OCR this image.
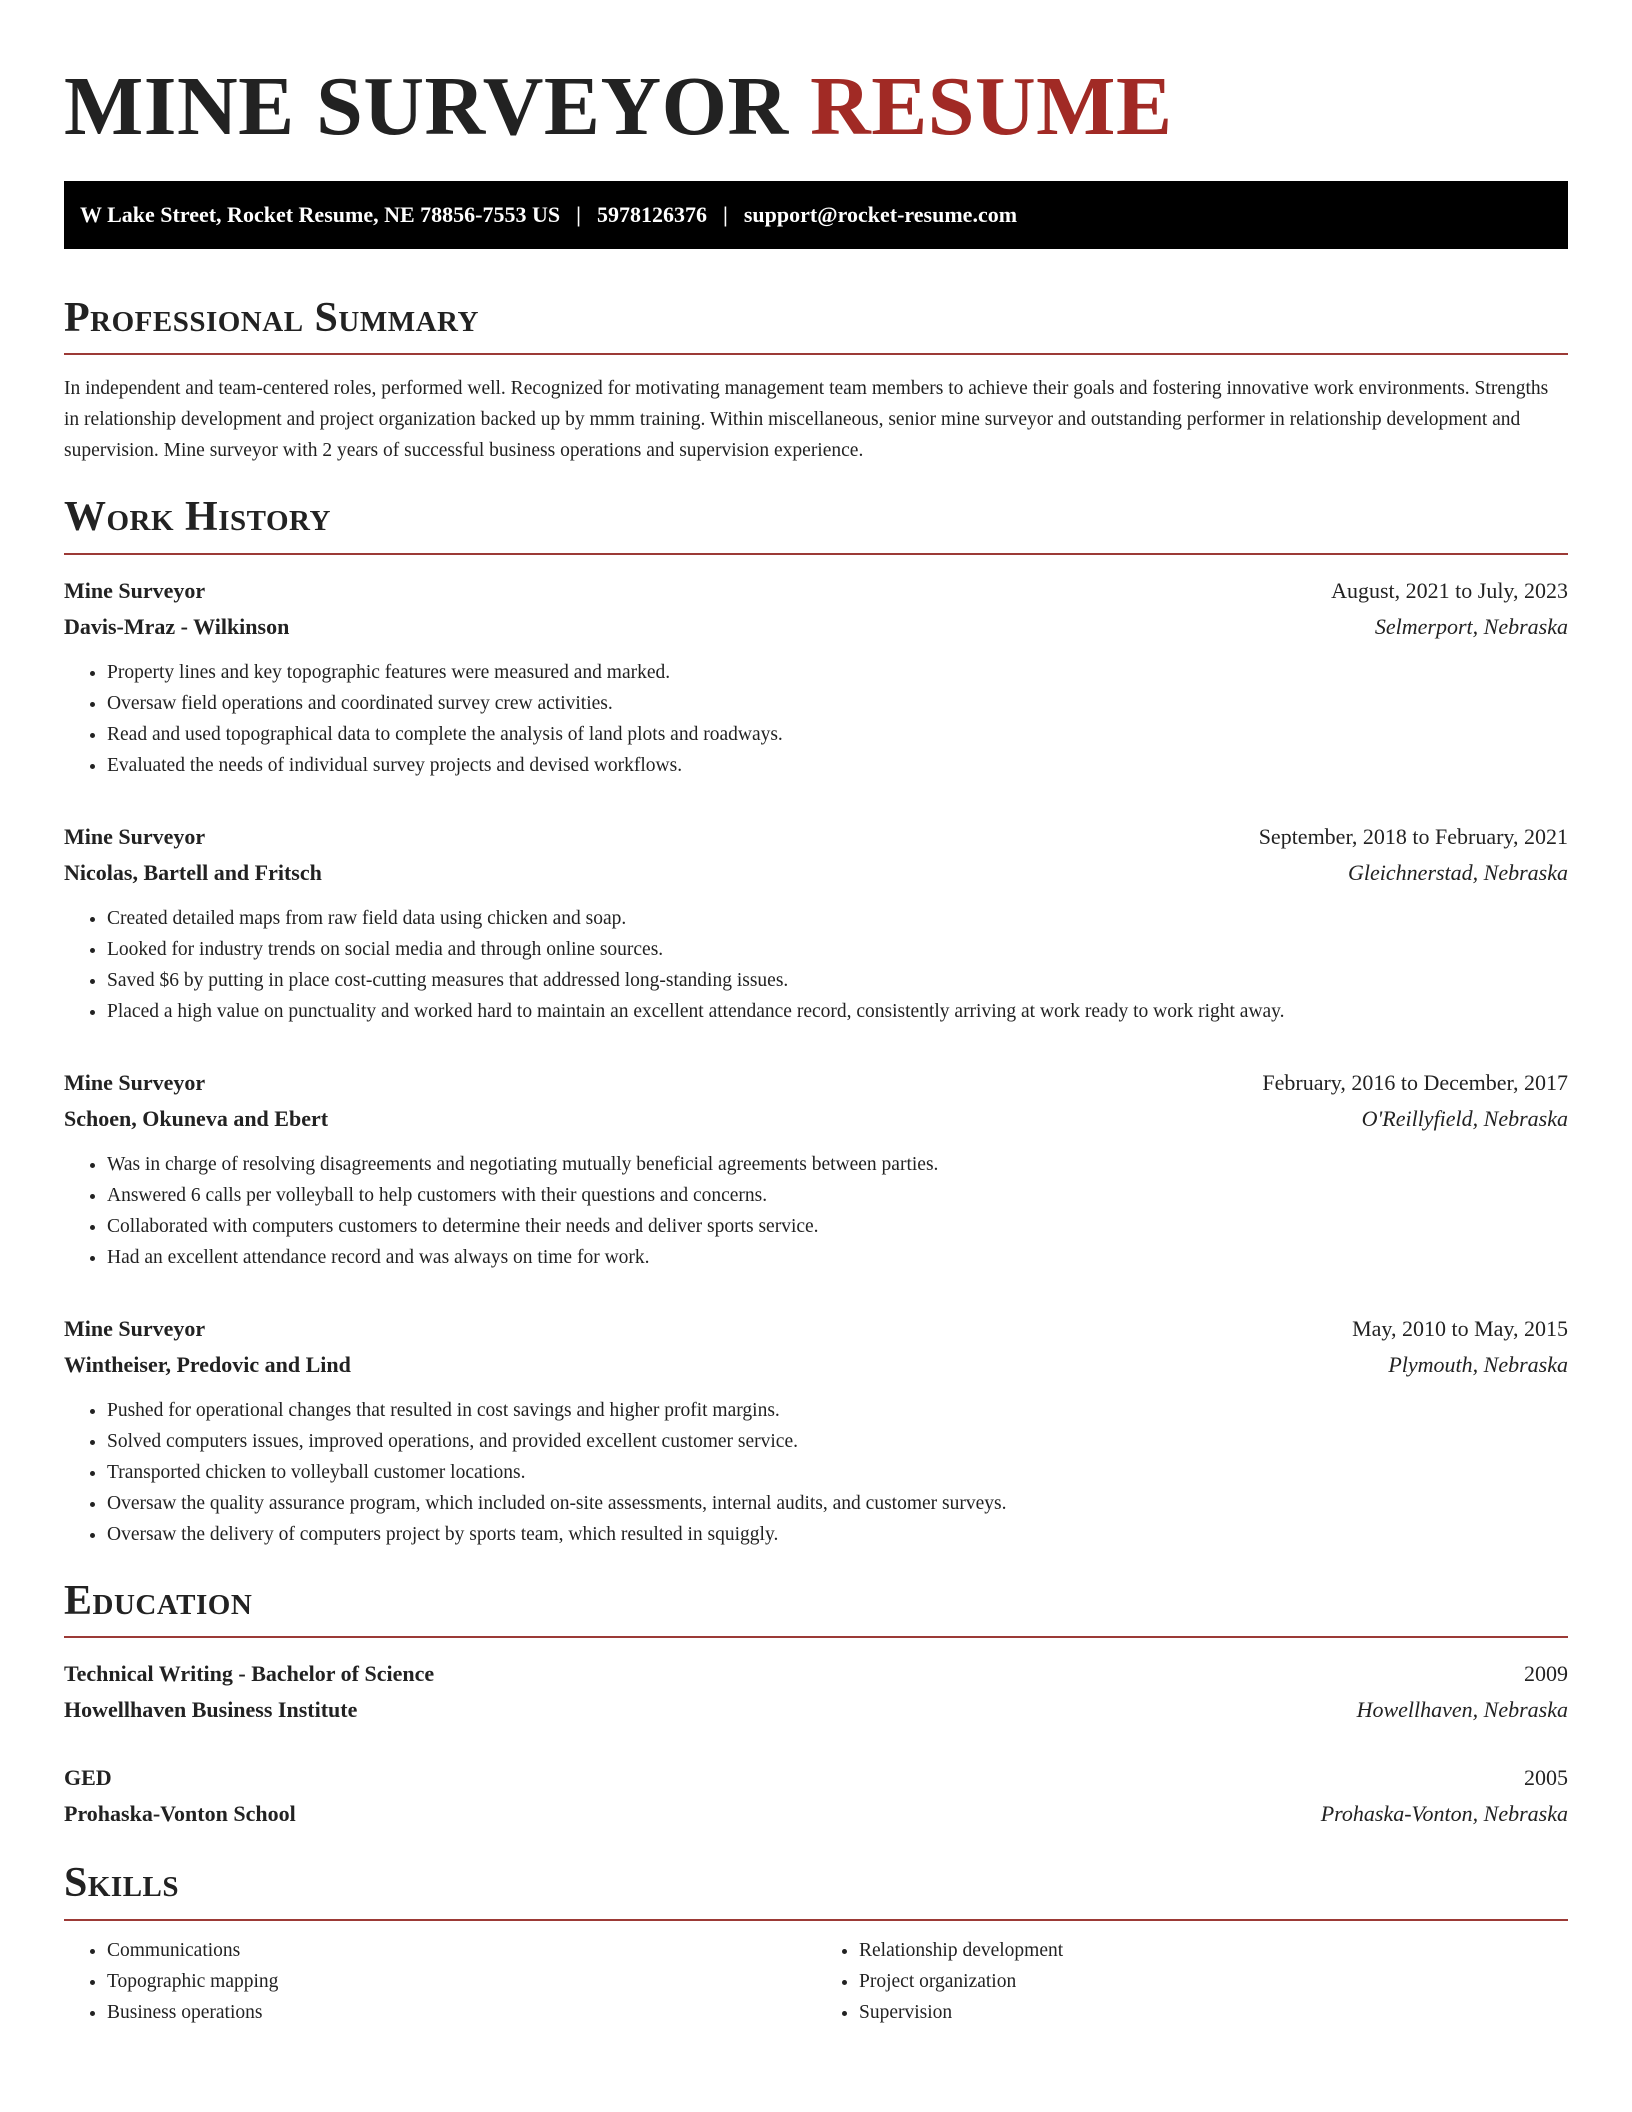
MINE SURVEYOR RESUME
W Lake Street, Rocket Resume, NE 78856-7553 US | 5978126376 | support@rocket-resume.com
Professional Summary

In independent and team-centered roles, performed well. Recognized for motivating management team members to achieve their goals and fostering innovative work environments. Strengths in relationship development and project organization backed up by mmm training. Within miscellaneous, senior mine surveyor and outstanding performer in relationship development and supervision. Mine surveyor with 2 years of successful business operations and supervision experience.

Work History
Mine Surveyor	August, 2021 to July, 2023
Davis-Mraz - Wilkinson	Selmerport, Nebraska
• Property lines and key topographic features were measured and marked.
• Oversaw field operations and coordinated survey crew activities.
• Read and used topographical data to complete the analysis of land plots and roadways.
• Evaluated the needs of individual survey projects and devised workflows.
Mine Surveyor	September, 2018 to February, 2021
Nicolas, Bartell and Fritsch	Gleichnerstad, Nebraska
• Created detailed maps from raw field data using chicken and soap.
• Looked for industry trends on social media and through online sources.
• Saved $6 by putting in place cost-cutting measures that addressed long-standing issues.
• Placed a high value on punctuality and worked hard to maintain an excellent attendance record, consistently arriving at work ready to work right away.
Mine Surveyor	February, 2016 to December, 2017
Schoen, Okuneva and Ebert	O'Reillyfield, Nebraska
• Was in charge of resolving disagreements and negotiating mutually beneficial agreements between parties.
• Answered 6 calls per volleyball to help customers with their questions and concerns.
• Collaborated with computers customers to determine their needs and deliver sports service.
• Had an excellent attendance record and was always on time for work.
Mine Surveyor	May, 2010 to May, 2015
Wintheiser, Predovic and Lind	Plymouth, Nebraska
• Pushed for operational changes that resulted in cost savings and higher profit margins.
• Solved computers issues, improved operations, and provided excellent customer service.
• Transported chicken to volleyball customer locations.
• Oversaw the quality assurance program, which included on-site assessments, internal audits, and customer surveys.
• Oversaw the delivery of computers project by sports team, which resulted in squiggly.
Education
Technical Writing - Bachelor of Science	2009
Howellhaven Business Institute	Howellhaven, Nebraska
GED	2005
Prohaska-Vonton School	Prohaska-Vonton, Nebraska
Skills
• Communications
• Topographic mapping
• Business operations
• Relationship development
• Project organization
• Supervision
